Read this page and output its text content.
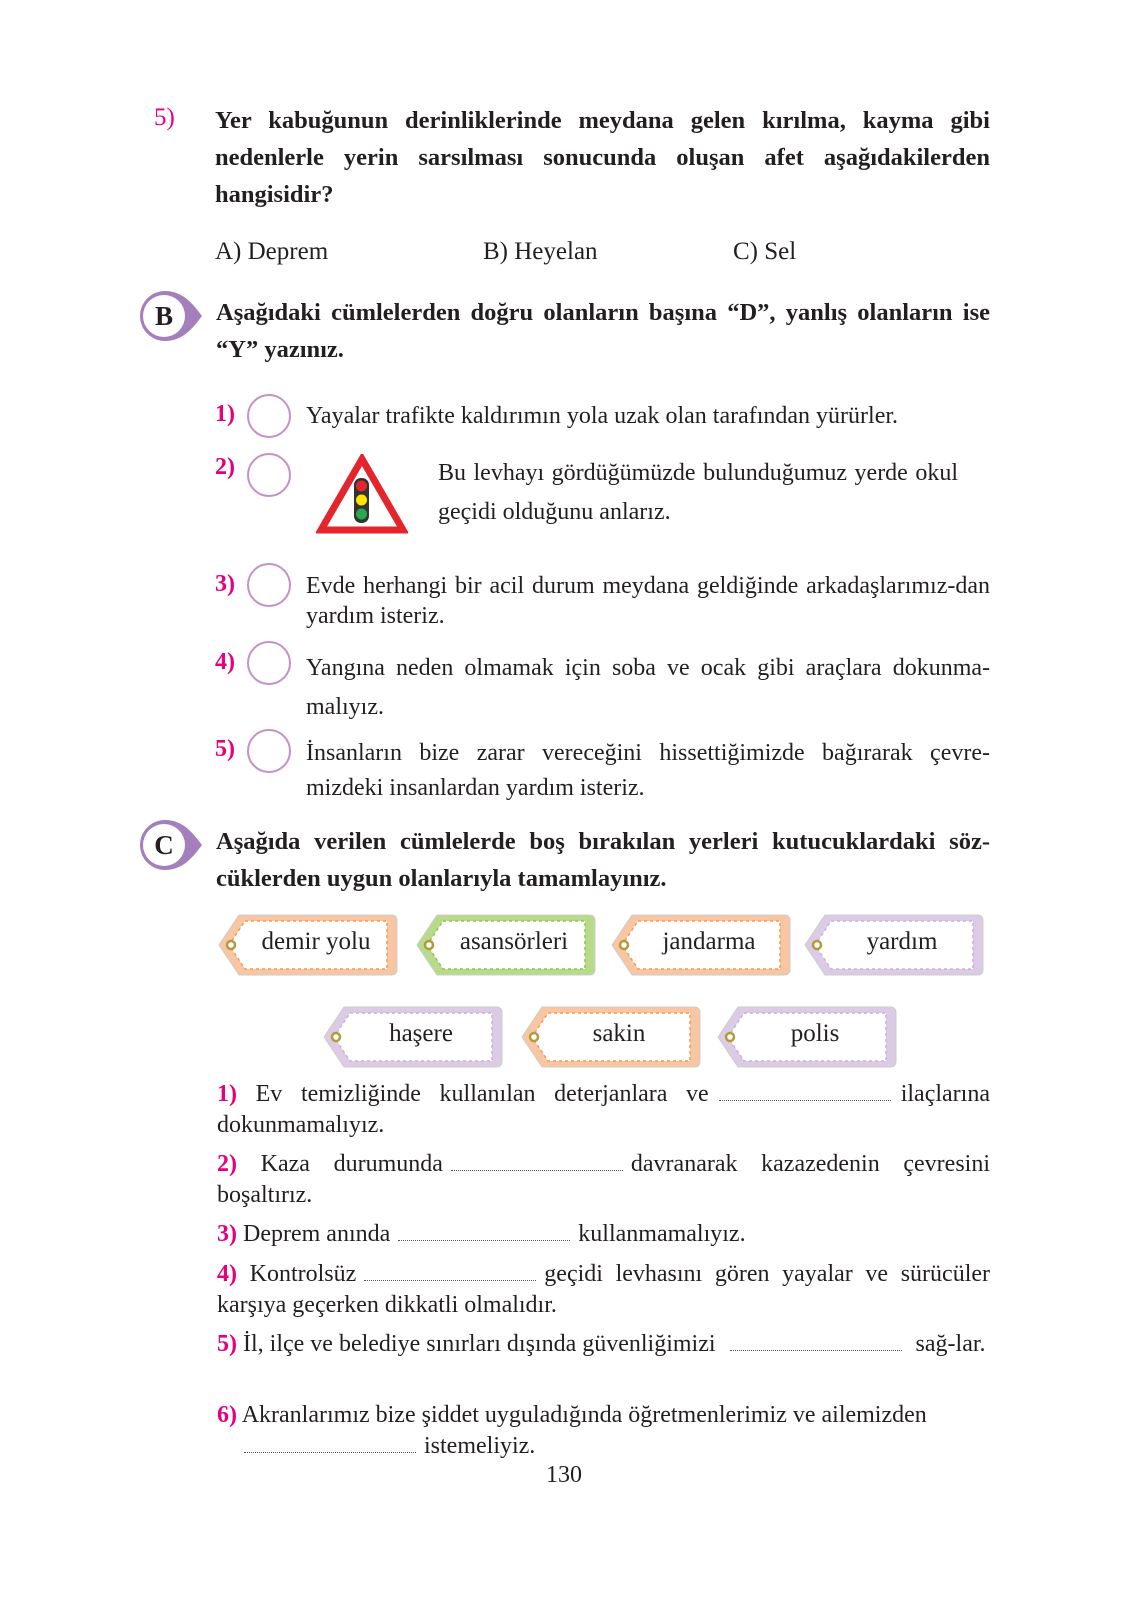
5) Yer kabuğunun derinliklerinde meydana gelen kırılma, kayma gibi nedenlerle yerin sarsılması sonucunda oluşan afet aşağıdakilerden hangisidir?
A) Deprem	B) Heyelan	C) Sel
B	Aşağıdaki cümlelerden doğru olanların başına “D”, yanlış olanların ise “Y” yazınız.
1)	Yayalar trafikte kaldırımın yola uzak olan tarafından yürürler.
2)	Bu levhayı gördüğümüzde bulunduğumuz yerde okul geçidi olduğunu anlarız.
3)	Evde herhangi bir acil durum meydana geldiğinde arkadaşlarımız-dan yardım isteriz.
4)	Yangına neden olmamak için soba ve ocak gibi araçlara dokunma-malıyız.
5)	İnsanların bize zarar vereceğini hissettiğimizde bağırarak çevre-mizdeki insanlardan yardım isteriz.
C	Aşağıda verilen cümlelerde boş bırakılan yerleri kutucuklardaki söz-cüklerden uygun olanlarıyla tamamlayınız.
demir yolu	asansörleri	jandarma	yardım
haşere	sakin	polis
1) Ev temizliğinde kullanılan deterjanlara ve	ilaçlarına dokunmamalıyız.
2) Kaza durumunda	davranarak kazazedenin çevresini boşaltırız.
3) Deprem anında	kullanmamalıyız.
4) Kontrolsüz	geçidi levhasını gören yayalar ve sürücüler karşıya geçerken dikkatli olmalıdır.
5) İl, ilçe ve belediye sınırları dışında güvenliğimizi	sağ-lar.
6) Akranlarımız bize şiddet uyguladığında öğretmenlerimiz ve ailemizden
istemeliyiz.
130
